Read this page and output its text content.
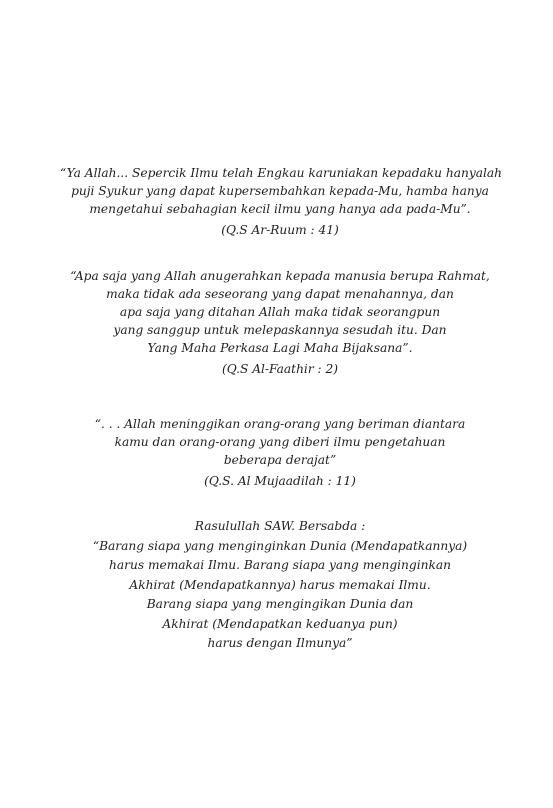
“Ya Allah... Sepercik Ilmu telah Engkau karuniakan kepadaku hanyalah
puji Syukur yang dapat kupersembahkan kepada-Mu, hamba hanya
mengetahui sebahagian kecil ilmu yang hanya ada pada-Mu”.
(Q.S Ar-Ruum : 41)
“Apa saja yang Allah anugerahkan kepada manusia berupa Rahmat,
maka tidak ada seseorang yang dapat menahannya, dan
apa saja yang ditahan Allah maka tidak seorangpun
yang sanggup untuk melepaskannya sesudah itu. Dan
Yang Maha Perkasa Lagi Maha Bijaksana”.
(Q.S Al-Faathir : 2)
“. . . Allah meninggikan orang-orang yang beriman diantara
kamu dan orang-orang yang diberi ilmu pengetahuan
beberapa derajat”
(Q.S. Al Mujaadilah : 11)
Rasulullah SAW. Bersabda :
“Barang siapa yang menginginkan Dunia (Mendapatkannya)
harus memakai Ilmu. Barang siapa yang menginginkan
Akhirat (Mendapatkannya) harus memakai Ilmu.
Barang siapa yang mengingikan Dunia dan
Akhirat (Mendapatkan keduanya pun)
harus dengan Ilmunya”
